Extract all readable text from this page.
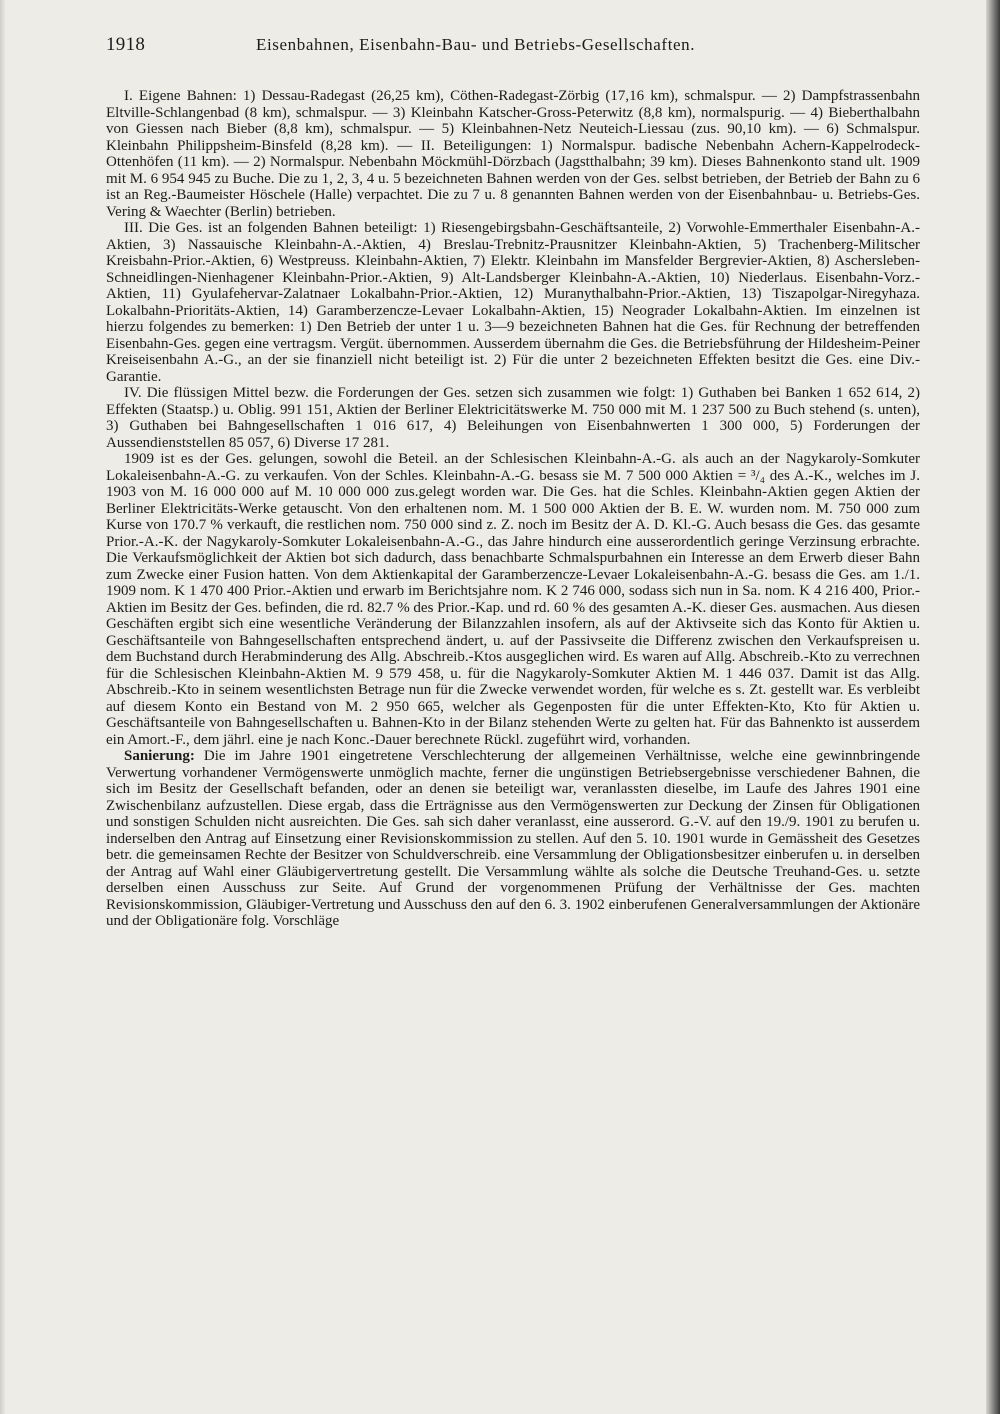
1918	Eisenbahnen, Eisenbahn-Bau- und Betriebs-Gesellschaften.

I. Eigene Bahnen: 1) Dessau-Radegast (26,25 km), Cöthen-Radegast-Zörbig (17,16 km), schmalspur. — 2) Dampfstrassenbahn Eltville-Schlangenbad (8 km), schmalspur. — 3) Kleinbahn Katscher-Gross-Peterwitz (8,8 km), normalspurig. — 4) Bieberthalbahn von Giessen nach Bieber (8,8 km), schmalspur. — 5) Kleinbahnen-Netz Neuteich-Liessau (zus. 90,10 km). — 6) Schmalspur. Kleinbahn Philippsheim-Binsfeld (8,28 km). — II. Beteiligungen: 1) Normalspur. badische Nebenbahn Achern-Kappelrodeck-Ottenhöfen (11 km). — 2) Normalspur. Nebenbahn Möckmühl-Dörzbach (Jagstthalbahn; 39 km). Dieses Bahnenkonto stand ult. 1909 mit M. 6 954 945 zu Buche. Die zu 1, 2, 3, 4 u. 5 bezeichneten Bahnen werden von der Ges. selbst betrieben, der Betrieb der Bahn zu 6 ist an Reg.-Baumeister Höschele (Halle) verpachtet. Die zu 7 u. 8 genannten Bahnen werden von der Eisenbahnbau- u. Betriebs-Ges. Vering & Waechter (Berlin) betrieben.

III. Die Ges. ist an folgenden Bahnen beteiligt: 1) Riesengebirgsbahn-Geschäftsanteile, 2) Vorwohle-Emmerthaler Eisenbahn-A.-Aktien, 3) Nassauische Kleinbahn-A.-Aktien, 4) Breslau-Trebnitz-Prausnitzer Kleinbahn-Aktien, 5) Trachenberg-Militscher Kreisbahn-Prior.-Aktien, 6) Westpreuss. Kleinbahn-Aktien, 7) Elektr. Kleinbahn im Mansfelder Bergrevier-Aktien, 8) Aschersleben-Schneidlingen-Nienhagener Kleinbahn-Prior.-Aktien, 9) Alt-Landsberger Kleinbahn-A.-Aktien, 10) Niederlaus. Eisenbahn-Vorz.-Aktien, 11) Gyulafehervar-Zalatnaer Lokalbahn-Prior.-Aktien, 12) Muranythalbahn-Prior.-Aktien, 13) Tiszapolgar-Niregyhaza. Lokalbahn-Prioritäts-Aktien, 14) Garamberzencze-Levaer Lokalbahn-Aktien, 15) Neograder Lokalbahn-Aktien. Im einzelnen ist hierzu folgendes zu bemerken: 1) Den Betrieb der unter 1 u. 3—9 bezeichneten Bahnen hat die Ges. für Rechnung der betreffenden Eisenbahn-Ges. gegen eine vertragsm. Vergüt. übernommen. Ausserdem übernahm die Ges. die Betriebsführung der Hildesheim-Peiner Kreiseisenbahn A.-G., an der sie finanziell nicht beteiligt ist. 2) Für die unter 2 bezeichneten Effekten besitzt die Ges. eine Div.-Garantie.

IV. Die flüssigen Mittel bezw. die Forderungen der Ges. setzen sich zusammen wie folgt: 1) Guthaben bei Banken 1 652 614, 2) Effekten (Staatsp.) u. Oblig. 991 151, Aktien der Berliner Elektricitätswerke M. 750 000 mit M. 1 237 500 zu Buch stehend (s. unten), 3) Guthaben bei Bahngesellschaften 1 016 617, 4) Beleihungen von Eisenbahnwerten 1 300 000, 5) Forderungen der Aussendienststellen 85 057, 6) Diverse 17 281.

1909 ist es der Ges. gelungen, sowohl die Beteil. an der Schlesischen Kleinbahn-A.-G. als auch an der Nagykaroly-Somkuter Lokaleisenbahn-A.-G. zu verkaufen. Von der Schles. Kleinbahn-A.-G. besass sie M. 7 500 000 Aktien = ³/₄ des A.-K., welches im J. 1903 von M. 16 000 000 auf M. 10 000 000 zus.gelegt worden war. Die Ges. hat die Schles. Kleinbahn-Aktien gegen Aktien der Berliner Elektricitäts-Werke getauscht. Von den erhaltenen nom. M. 1 500 000 Aktien der B. E. W. wurden nom. M. 750 000 zum Kurse von 170.7 % verkauft, die restlichen nom. 750 000 sind z. Z. noch im Besitz der A. D. Kl.-G. Auch besass die Ges. das gesamte Prior.-A.-K. der Nagykaroly-Somkuter Lokaleisenbahn-A.-G., das Jahre hindurch eine ausserordentlich geringe Verzinsung erbrachte. Die Verkaufsmöglichkeit der Aktien bot sich dadurch, dass benachbarte Schmalspurbahnen ein Interesse an dem Erwerb dieser Bahn zum Zwecke einer Fusion hatten. Von dem Aktienkapital der Garamberzencze-Levaer Lokaleisenbahn-A.-G. besass die Ges. am 1./1. 1909 nom. K 1 470 400 Prior.-Aktien und erwarb im Berichtsjahre nom. K 2 746 000, sodass sich nun in Sa. nom. K 4 216 400, Prior.-Aktien im Besitz der Ges. befinden, die rd. 82.7 % des Prior.-Kap. und rd. 60 % des gesamten A.-K. dieser Ges. ausmachen. Aus diesen Geschäften ergibt sich eine wesentliche Veränderung der Bilanzzahlen insofern, als auf der Aktivseite sich das Konto für Aktien u. Geschäftsanteile von Bahngesellschaften entsprechend ändert, u. auf der Passivseite die Differenz zwischen den Verkaufspreisen u. dem Buchstand durch Herabminderung des Allg. Abschreib.-Ktos ausgeglichen wird. Es waren auf Allg. Abschreib.-Kto zu verrechnen für die Schlesischen Kleinbahn-Aktien M. 9 579 458, u. für die Nagykaroly-Somkuter Aktien M. 1 446 037. Damit ist das Allg. Abschreib.-Kto in seinem wesentlichsten Betrage nun für die Zwecke verwendet worden, für welche es s. Zt. gestellt war. Es verbleibt auf diesem Konto ein Bestand von M. 2 950 665, welcher als Gegenposten für die unter Effekten-Kto, Kto für Aktien u. Geschäftsanteile von Bahngesellschaften u. Bahnen-Kto in der Bilanz stehenden Werte zu gelten hat. Für das Bahnenkto ist ausserdem ein Amort.-F., dem jährl. eine je nach Konc.-Dauer berechnete Rückl. zugeführt wird, vorhanden.

Sanierung: Die im Jahre 1901 eingetretene Verschlechterung der allgemeinen Verhältnisse, welche eine gewinnbringende Verwertung vorhandener Vermögenswerte unmöglich machte, ferner die ungünstigen Betriebsergebnisse verschiedener Bahnen, die sich im Besitz der Gesellschaft befanden, oder an denen sie beteiligt war, veranlassten dieselbe, im Laufe des Jahres 1901 eine Zwischenbilanz aufzustellen. Diese ergab, dass die Erträgnisse aus den Vermögenswerten zur Deckung der Zinsen für Obligationen und sonstigen Schulden nicht ausreichten. Die Ges. sah sich daher veranlasst, eine ausserord. G.-V. auf den 19./9. 1901 zu berufen u. inderselben den Antrag auf Einsetzung einer Revisionskommission zu stellen. Auf den 5. 10. 1901 wurde in Gemässheit des Gesetzes betr. die gemeinsamen Rechte der Besitzer von Schuldverschreib. eine Versammlung der Obligationsbesitzer einberufen u. in derselben der Antrag auf Wahl einer Gläubigervertretung gestellt. Die Versammlung wählte als solche die Deutsche Treuhand-Ges. u. setzte derselben einen Ausschuss zur Seite. Auf Grund der vorgenommenen Prüfung der Verhältnisse der Ges. machten Revisionskommission, Gläubiger-Vertretung und Ausschuss den auf den 6. 3. 1902 einberufenen Generalversammlungen der Aktionäre und der Obligationäre folg. Vorschläge
